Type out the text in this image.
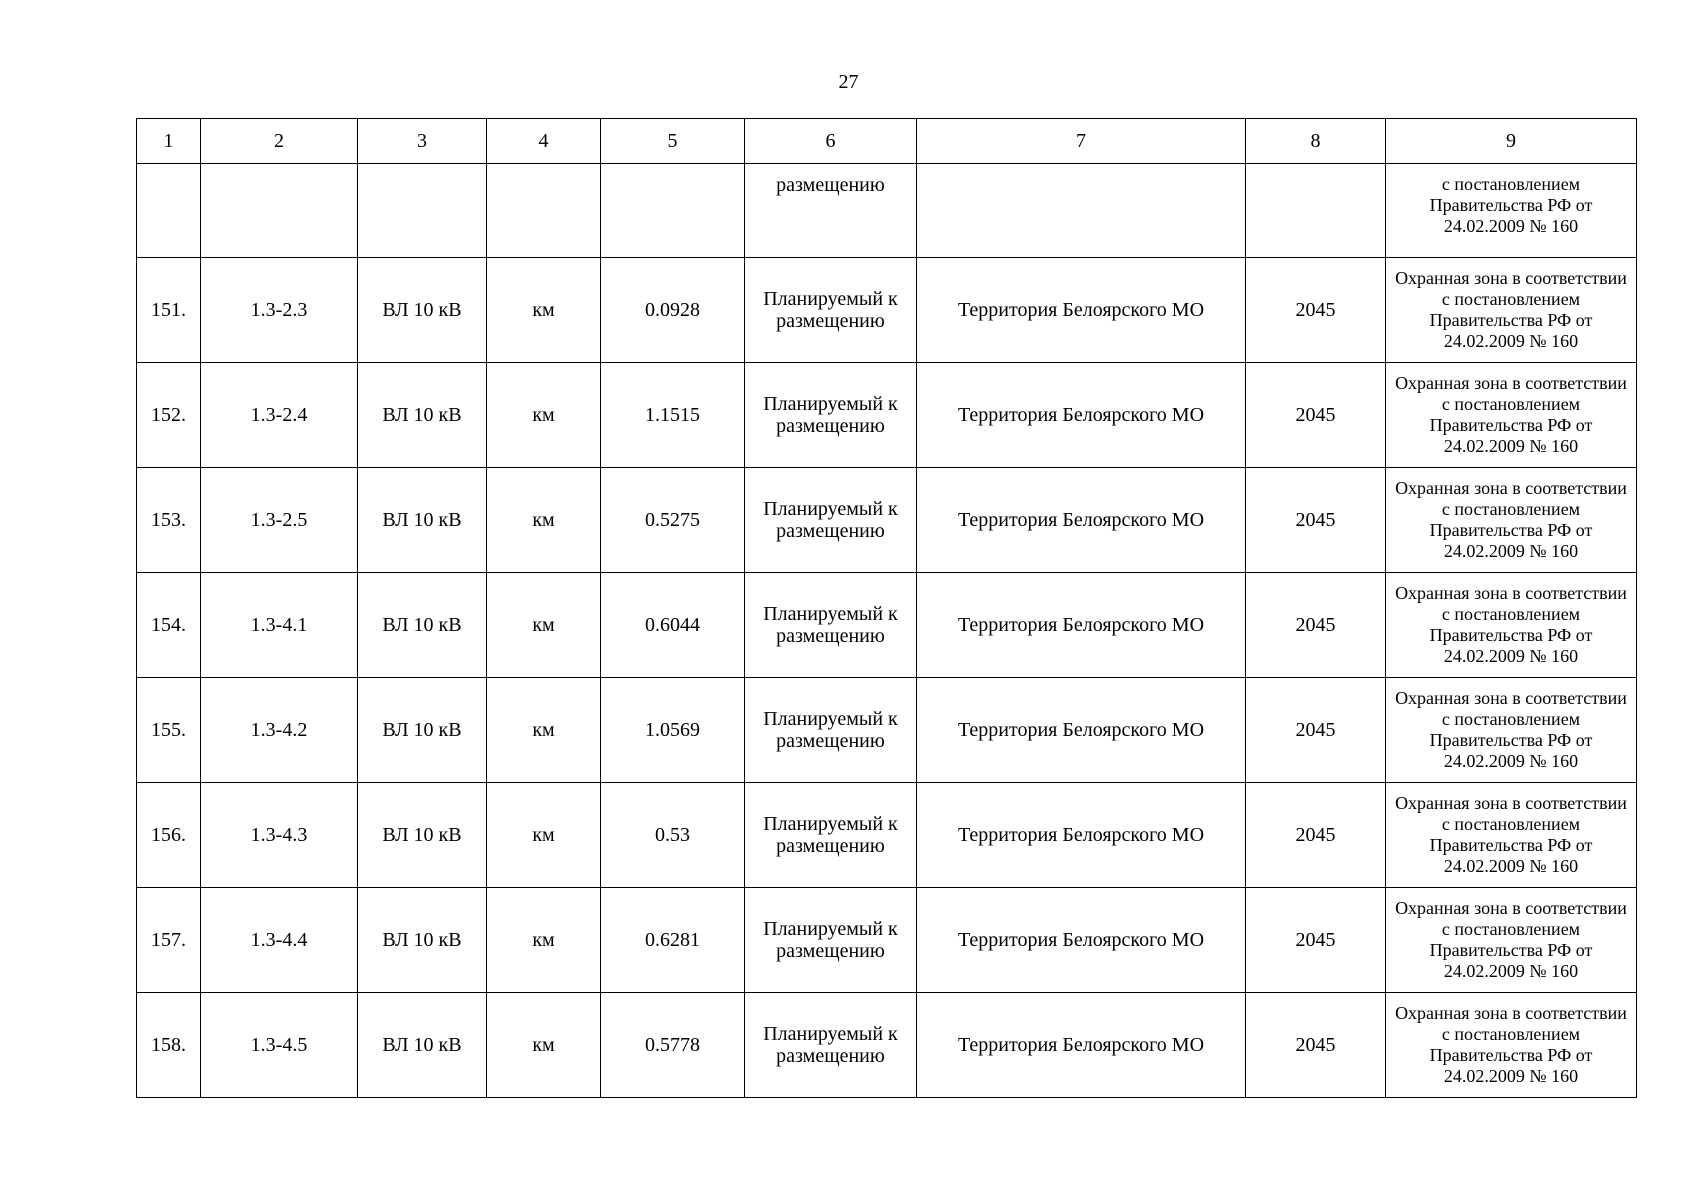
27
1	2	3	4	5	6	7	8	9
					размещению			с постановлением
Правительства РФ от
24.02.2009 № 160

151.	1.3-2.3	ВЛ 10 кВ	км	0.0928	Планируемый к
размещению	Территория Белоярского МО	2045	Охранная зона в соответствии
с постановлением
Правительства РФ от
24.02.2009 № 160

152.	1.3-2.4	ВЛ 10 кВ	км	1.1515	Планируемый к
размещению	Территория Белоярского МО	2045	Охранная зона в соответствии
с постановлением
Правительства РФ от
24.02.2009 № 160

153.	1.3-2.5	ВЛ 10 кВ	км	0.5275	Планируемый к
размещению	Территория Белоярского МО	2045	Охранная зона в соответствии
с постановлением
Правительства РФ от
24.02.2009 № 160

154.	1.3-4.1	ВЛ 10 кВ	км	0.6044	Планируемый к
размещению	Территория Белоярского МО	2045	Охранная зона в соответствии
с постановлением
Правительства РФ от
24.02.2009 № 160

155.	1.3-4.2	ВЛ 10 кВ	км	1.0569	Планируемый к
размещению	Территория Белоярского МО	2045	Охранная зона в соответствии
с постановлением
Правительства РФ от
24.02.2009 № 160

156.	1.3-4.3	ВЛ 10 кВ	км	0.53	Планируемый к
размещению	Территория Белоярского МО	2045	Охранная зона в соответствии
с постановлением
Правительства РФ от
24.02.2009 № 160

157.	1.3-4.4	ВЛ 10 кВ	км	0.6281	Планируемый к
размещению	Территория Белоярского МО	2045	Охранная зона в соответствии
с постановлением
Правительства РФ от
24.02.2009 № 160

158.	1.3-4.5	ВЛ 10 кВ	км	0.5778	Планируемый к
размещению	Территория Белоярского МО	2045	Охранная зона в соответствии
с постановлением
Правительства РФ от
24.02.2009 № 160
